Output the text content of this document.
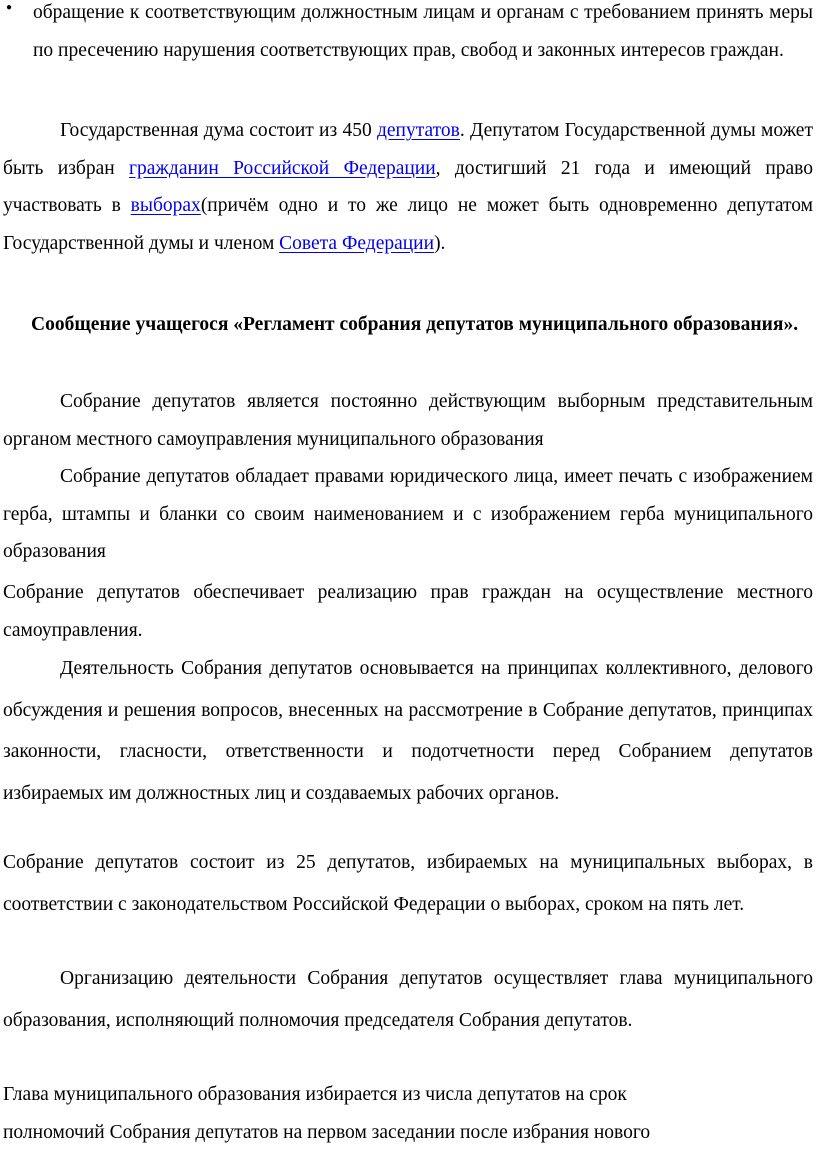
● обращение к соответствующим должностным лицам и органам с требованием принять меры по пресечению нарушения соответствующих прав, свобод и законных интересов граждан.

Государственная дума состоит из 450 депутатов. Депутатом Государственной думы может быть избран гражданин Российской Федерации, достигший 21 года и имеющий право участвовать в выборах(причём одно и то же лицо не может быть одновременно депутатом Государственной думы и членом Совета Федерации).

Сообщение учащегося «Регламент собрания депутатов муниципального образования».

Собрание депутатов является постоянно действующим выборным представительным органом местного самоуправления муниципального образования

Собрание депутатов обладает правами юридического лица, имеет печать с изображением герба, штампы и бланки со своим наименованием и с изображением герба муниципального образования

Собрание депутатов обеспечивает реализацию прав граждан на осуществление местного самоуправления.

Деятельность Собрания депутатов основывается на принципах коллективного, делового обсуждения и решения вопросов, внесенных на рассмотрение в Собрание депутатов, принципах законности, гласности, ответственности и подотчетности перед Собранием депутатов избираемых им должностных лиц и создаваемых рабочих органов.

Собрание депутатов состоит из 25 депутатов, избираемых на муниципальных выборах, в соответствии с законодательством Российской Федерации о выборах, сроком на пять лет.

Организацию деятельности Собрания депутатов осуществляет глава муниципального образования, исполняющий полномочия председателя Собрания депутатов.

Глава муниципального образования избирается из числа депутатов на срок
полномочий Собрания депутатов на первом заседании после избрания нового
